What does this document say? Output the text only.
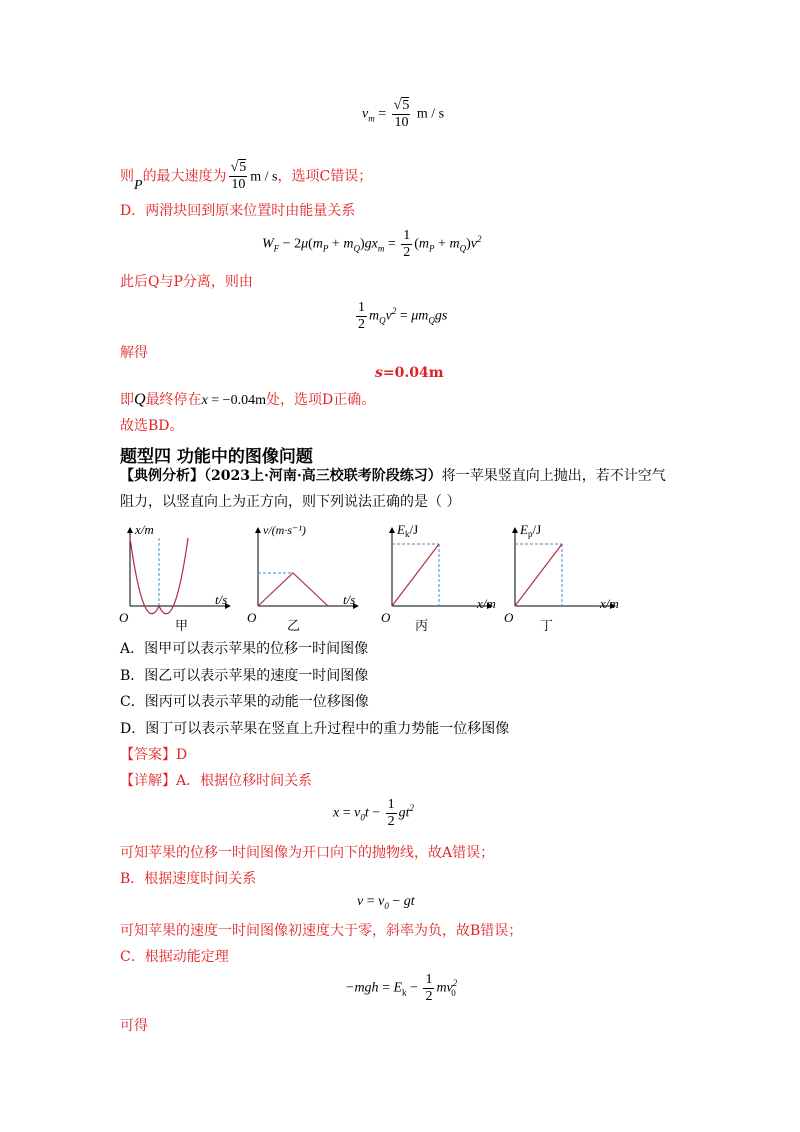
$v_m = \frac{√5}{10}$ m / s
则P的最大速度为 $\frac{√5}{10}$ m / s，选项C错误；
D．两滑块回到原来位置时由能量关系
$W_F - 2\mu(m_P + m_Q)gx_m = \frac{1}{2} (m_P + m_Q)v^2$
此后Q与P分离，则由
$\frac{1}{2} m_Qv^2 = \mu m_Qgs$
解得
s=0.04m
即Q最终停在x = −0.04m处，选项D正确。
故选BD。
题型四 功能中的图像问题
【典例分析】（2023上·河南·高三校联考阶段练习）将一苹果竖直向上抛出，若不计空气
阻力，以竖直向上为正方向，则下列说法正确的是（ ）
x/m
t/s
O
甲
v/(m·s⁻¹)
t/s
O
乙
$E_k/J$
x/m
O
丙
$E_p/J$
x/m
O
丁
A．图甲可以表示苹果的位移一时间图像
B．图乙可以表示苹果的速度一时间图像
C．图丙可以表示苹果的动能一位移图像
D．图丁可以表示苹果在竖直上升过程中的重力势能一位移图像
【答案】D
【详解】A．根据位移时间关系
$x = v_0t - \frac{1}{2} gt^2$
可知苹果的位移一时间图像为开口向下的抛物线，故A错误；
B．根据速度时间关系
$v = v_0$ − gt
可知苹果的速度一时间图像初速度大于零，斜率为负，故B错误；
C．根据动能定理
$-mgh = E_k - \frac{1}{2} mv^2_0$
可得
